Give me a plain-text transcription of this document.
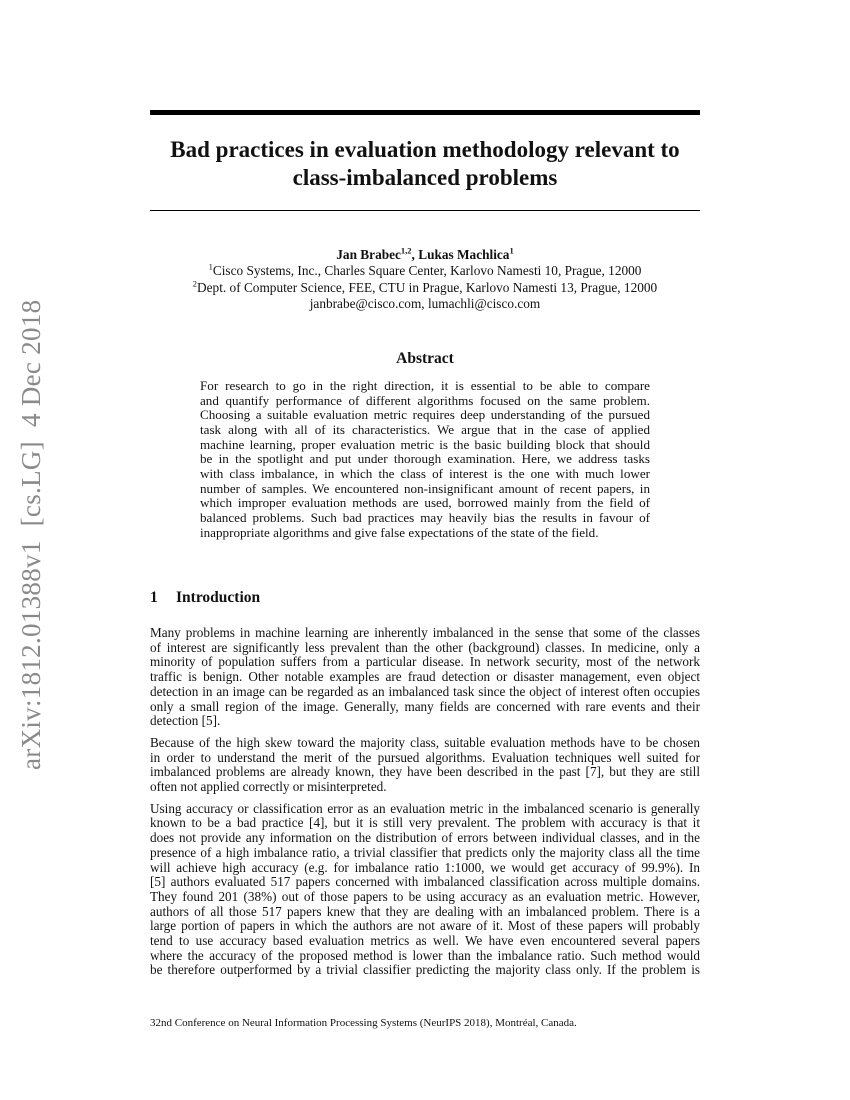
arXiv:1812.01388v1[cs.LG]4 Dec 2018
Bad practices in evaluation methodology relevant to
class-imbalanced problems
Jan Brabec$^{1,2}$, Lukas Machlica$^1$
$^1$Cisco Systems, Inc., Charles Square Center, Karlovo Namesti 10, Prague, 12000
$^2$Dept. of Computer Science, FEE, CTU in Prague, Karlovo Namesti 13, Prague, 12000
janbrabe@cisco.com, lumachli@cisco.com
Abstract
For research to go in the right direction, it is essential to be able to compare
and quantify performance of different algorithms focused on the same problem.
Choosing a suitable evaluation metric requires deep understanding of the pursued
task along with all of its characteristics. We argue that in the case of applied
machine learning, proper evaluation metric is the basic building block that should
be in the spotlight and put under thorough examination. Here, we address tasks
with class imbalance, in which the class of interest is the one with much lower
number of samples. We encountered non-insignificant amount of recent papers, in
which improper evaluation methods are used, borrowed mainly from the field of
balanced problems. Such bad practices may heavily bias the results in favour of
inappropriate algorithms and give false expectations of the state of the field.
1 Introduction

Many problems in machine learning are inherently imbalanced in the sense that some of the classes
of interest are significantly less prevalent than the other (background) classes. In medicine, only a
minority of population suffers from a particular disease. In network security, most of the network
traffic is benign. Other notable examples are fraud detection or disaster management, even object
detection in an image can be regarded as an imbalanced task since the object of interest often occupies
only a small region of the image. Generally, many fields are concerned with rare events and their
detection [5].

Because of the high skew toward the majority class, suitable evaluation methods have to be chosen
in order to understand the merit of the pursued algorithms. Evaluation techniques well suited for
imbalanced problems are already known, they have been described in the past [7], but they are still
often not applied correctly or misinterpreted.

Using accuracy or classification error as an evaluation metric in the imbalanced scenario is generally
known to be a bad practice [4], but it is still very prevalent. The problem with accuracy is that it
does not provide any information on the distribution of errors between individual classes, and in the
presence of a high imbalance ratio, a trivial classifier that predicts only the majority class all the time
will achieve high accuracy (e.g. for imbalance ratio 1:1000, we would get accuracy of 99.9%). In
[5] authors evaluated 517 papers concerned with imbalanced classification across multiple domains.
They found 201 (38%) out of those papers to be using accuracy as an evaluation metric. However,
authors of all those 517 papers knew that they are dealing with an imbalanced problem. There is a
large portion of papers in which the authors are not aware of it. Most of these papers will probably
tend to use accuracy based evaluation metrics as well. We have even encountered several papers
where the accuracy of the proposed method is lower than the imbalance ratio. Such method would
be therefore outperformed by a trivial classifier predicting the majority class only. If the problem is

32nd Conference on Neural Information Processing Systems (NeurIPS 2018), Montréal, Canada.
